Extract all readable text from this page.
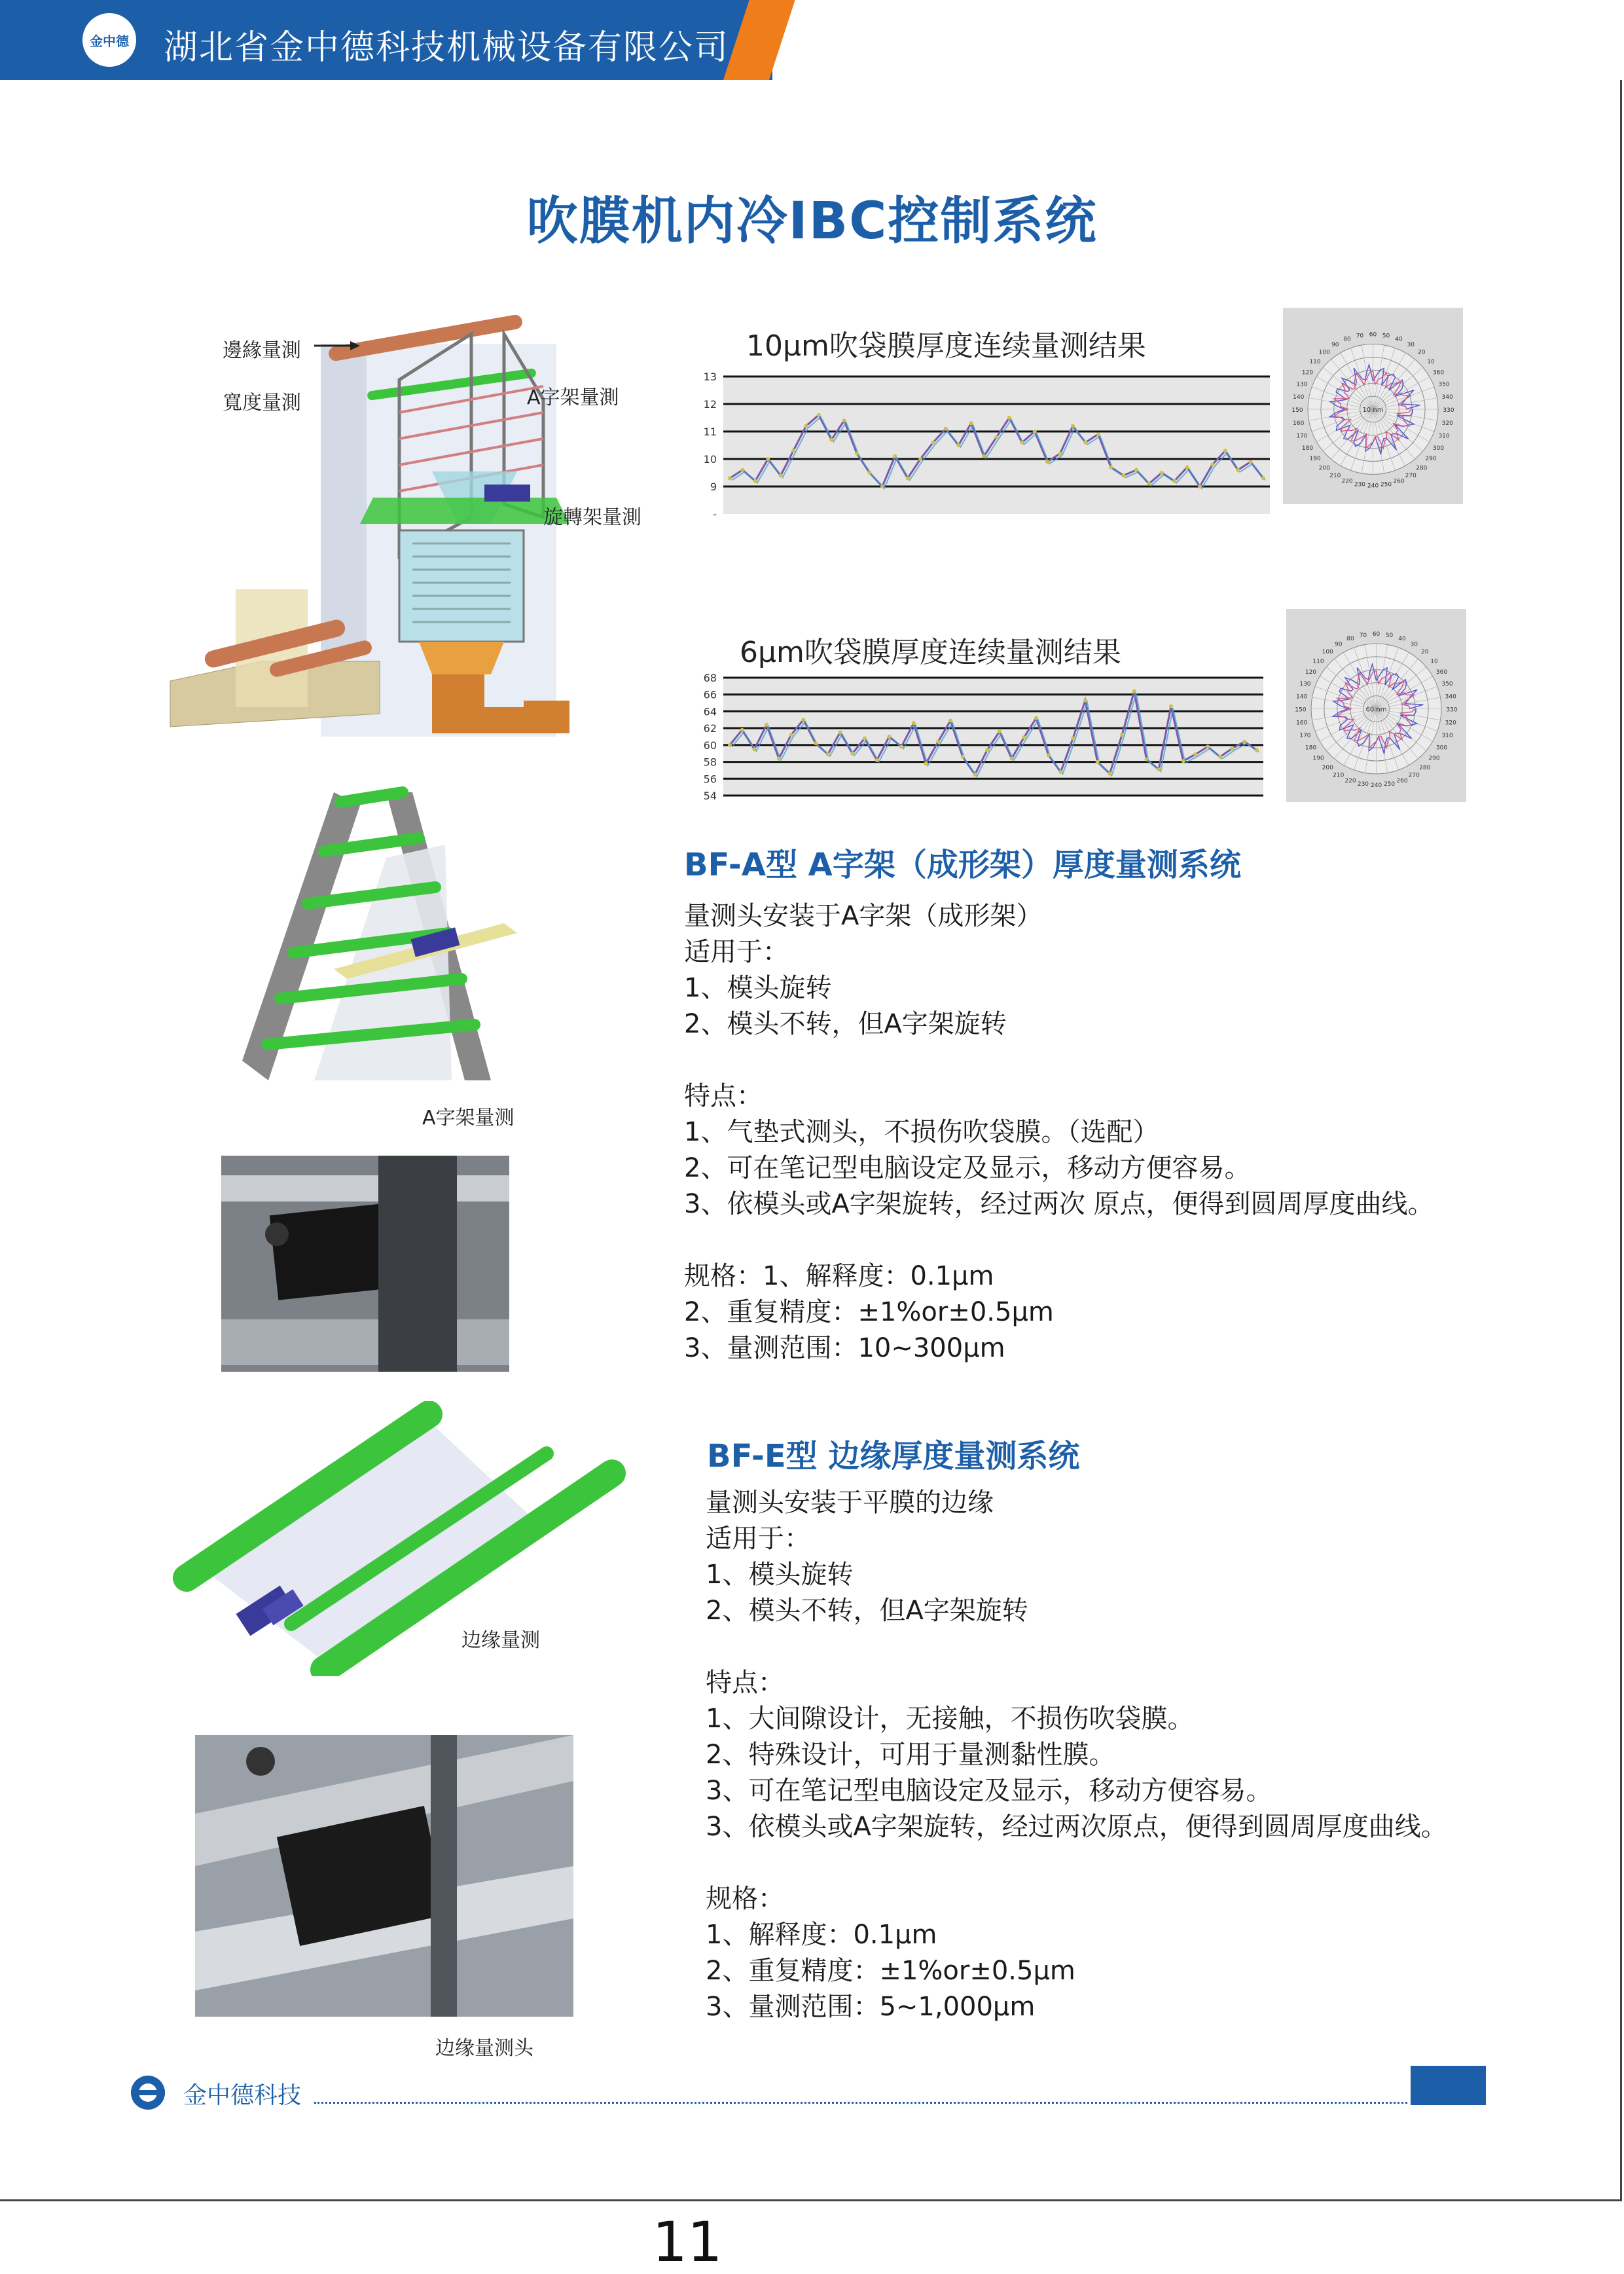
金中德 湖北省金中德科技机械设备有限公司
吹膜机内冷IBC控制系统
邊緣量測
寬度量測	A字架量測
旋轉架量測
10μm吹袋膜厚度连续量测结果
13
12
11
10
9
-
120
110
100
90
80
70 60 50
40
30
20
10
360
350
340
330
320
310
300
290
280
270
260
250
240
230
220
210
200
190
180
170
160
150
140
130
10 nm
6μm吹袋膜厚度连续量测结果
68
66
64
62
60
58
56
54
120
110
100
90
80
70 60 50
40
30
20
10
360
350
340
330
320
310
300
290
280
270
260
250
240
230
220
210
200
190
180
170
160
150
140
130
60 nm
A字架量测
边缘量测
边缘量测头
BF-A型 A字架（成形架）厚度量测系统
量测头安装于A字架（成形架）
适用于：
1、模头旋转
2、模头不转，但A字架旋转
特点：
1、气垫式测头，不损伤吹袋膜。（选配）
2、可在笔记型电脑设定及显示，移动方便容易。
3、依模头或A字架旋转，经过两次 原点，便得到圆周厚度曲线。
规格：1、解释度：0.1μm
2、重复精度：±1%or±0.5μm
3、量测范围：10~300μm
BF-E型 边缘厚度量测系统
量测头安装于平膜的边缘
适用于：
1、模头旋转
2、模头不转，但A字架旋转
特点：
1、大间隙设计，无接触，不损伤吹袋膜。
2、特殊设计，可用于量测黏性膜。
3、可在笔记型电脑设定及显示，移动方便容易。
3、依模头或A字架旋转，经过两次原点，便得到圆周厚度曲线。
规格：
1、解释度：0.1μm
2、重复精度：±1%or±0.5μm
3、量测范围：5~1,000μm
金中德科技
11
